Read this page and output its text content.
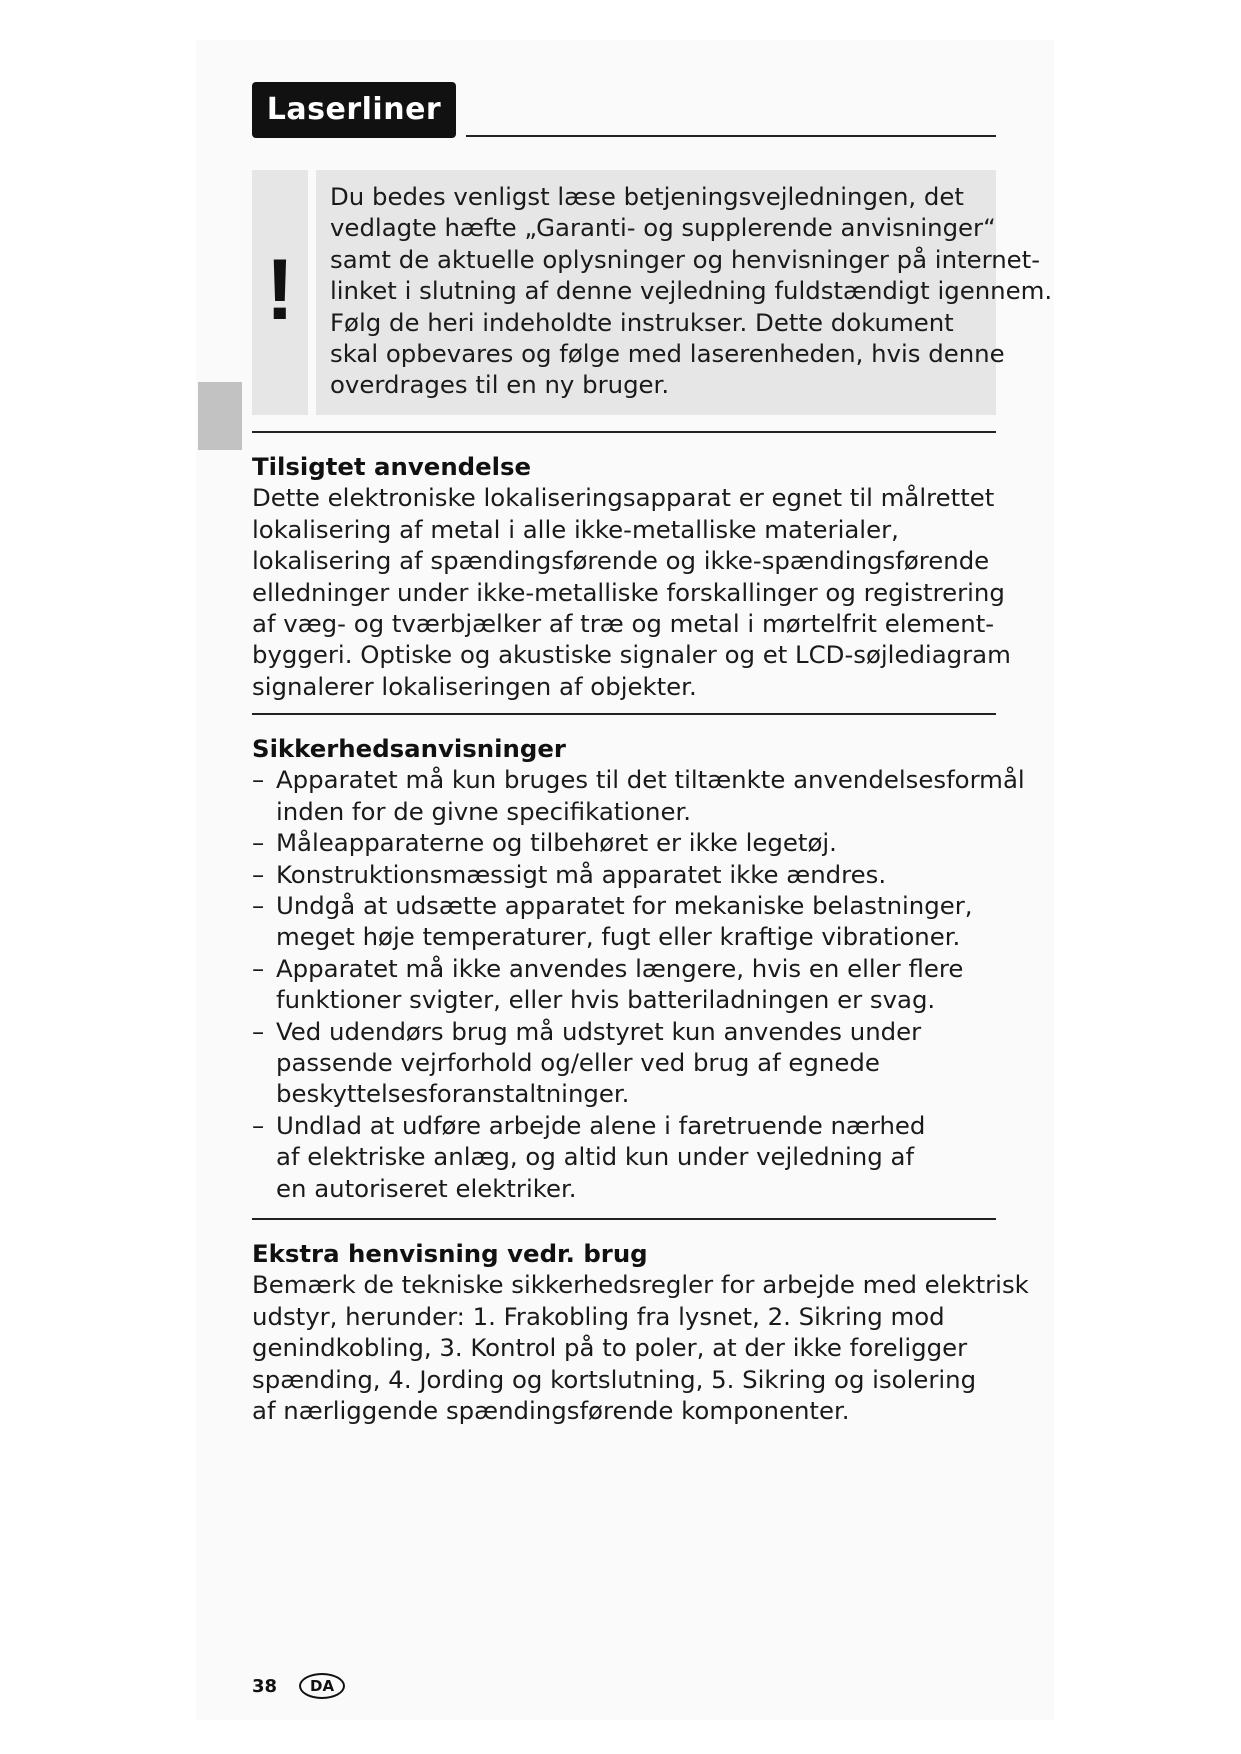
Laserliner
!
Du bedes venligst læse betjeningsvejledningen, det
vedlagte hæfte „Garanti- og supplerende anvisninger“
samt de aktuelle oplysninger og henvisninger på internet-
linket i slutning af denne vejledning fuldstændigt igennem.
Følg de heri indeholdte instrukser. Dette dokument
skal opbevares og følge med laserenheden, hvis denne
overdrages til en ny bruger.
Tilsigtet anvendelse
Dette elektroniske lokaliseringsapparat er egnet til målrettet
lokalisering af metal i alle ikke-metalliske materialer,
lokalisering af spændingsførende og ikke-spændingsførende
elledninger under ikke-metalliske forskallinger og registrering
af væg- og tværbjælker af træ og metal i mørtelfrit element-
byggeri. Optiske og akustiske signaler og et LCD-søjlediagram
signalerer lokaliseringen af objekter.
Sikkerhedsanvisninger
– Apparatet må kun bruges til det tiltænkte anvendelsesformål
inden for de givne specifikationer.
– Måleapparaterne og tilbehøret er ikke legetøj.
– Konstruktionsmæssigt må apparatet ikke ændres.
– Undgå at udsætte apparatet for mekaniske belastninger,
meget høje temperaturer, fugt eller kraftige vibrationer.
– Apparatet må ikke anvendes længere, hvis en eller flere
funktioner svigter, eller hvis batteriladningen er svag.
– Ved udendørs brug må udstyret kun anvendes under
passende vejrforhold og/eller ved brug af egnede
beskyttelsesforanstaltninger.
– Undlad at udføre arbejde alene i faretruende nærhed
af elektriske anlæg, og altid kun under vejledning af
en autoriseret elektriker.
Ekstra henvisning vedr. brug
Bemærk de tekniske sikkerhedsregler for arbejde med elektrisk
udstyr, herunder: 1. Frakobling fra lysnet, 2. Sikring mod
genindkobling, 3. Kontrol på to poler, at der ikke foreligger
spænding, 4. Jording og kortslutning, 5. Sikring og isolering
af nærliggende spændingsførende komponenter.
38	DA
